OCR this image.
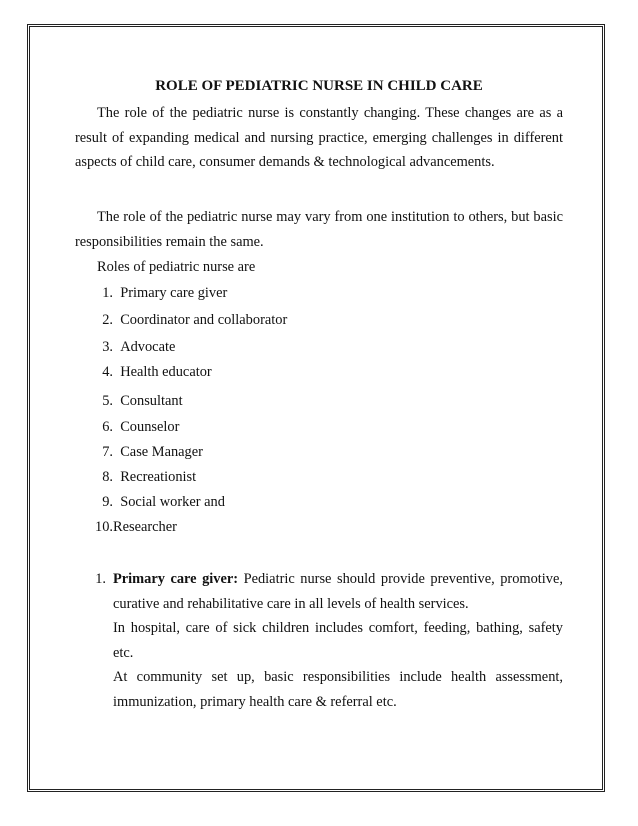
ROLE OF PEDIATRIC NURSE IN CHILD CARE

The role of the pediatric nurse is constantly changing. These changes are as a result of expanding medical and nursing practice, emerging challenges in different aspects of child care, consumer demands & technological advancements.

The role of the pediatric nurse may vary from one institution to others, but basic responsibilities remain the same.

Roles of pediatric nurse are

1. Primary care giver
2. Coordinator and collaborator
3. Advocate
4. Health educator
5. Consultant
6. Counselor
7. Case Manager
8. Recreationist
9. Social worker and
10.Researcher
1. Primary care giver: Pediatric nurse should provide preventive, promotive, curative and rehabilitative care in all levels of health services.

In hospital, care of sick children includes comfort, feeding, bathing, safety etc.

At community set up, basic responsibilities include health assessment, immunization, primary health care & referral etc.
